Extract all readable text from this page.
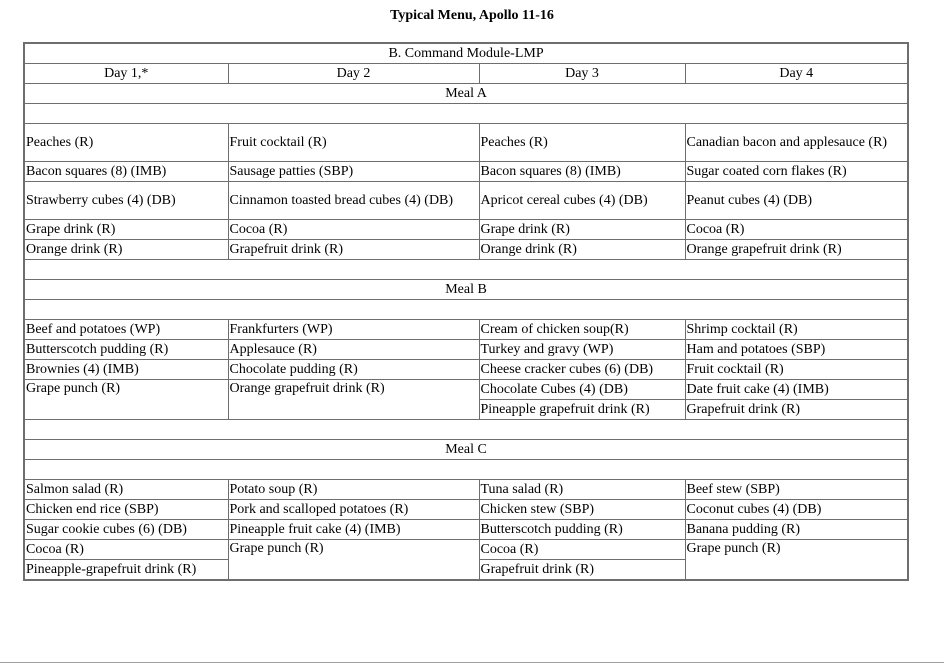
Typical Menu, Apollo 11-16
B. Command Module-LMP			
Day 1,*	Day 2	Day 3	Day 4
Meal A			

Peaches (R)	Fruit cocktail (R)	Peaches (R)	Canadian bacon and applesauce (R)
Bacon squares (8) (IMB)	Sausage patties (SBP)	Bacon squares (8) (IMB)	Sugar coated corn flakes (R)
Strawberry cubes (4) (DB)	Cinnamon toasted bread cubes (4) (DB)	Apricot cereal cubes (4) (DB)	Peanut cubes (4) (DB)
Grape drink (R)	Cocoa (R)	Grape drink (R)	Cocoa (R)
Orange drink (R)	Grapefruit drink (R)	Orange drink (R)	Orange grapefruit drink (R)

Meal B			

Beef and potatoes (WP)	Frankfurters (WP)	Cream of chicken soup(R)	Shrimp cocktail (R)
Butterscotch pudding (R)	Applesauce (R)	Turkey and gravy (WP)	Ham and potatoes (SBP)
Brownies (4) (IMB)	Chocolate pudding (R)	Cheese cracker cubes (6) (DB)	Fruit cocktail (R)
Grape punch (R)	Orange grapefruit drink (R)	Chocolate Cubes (4) (DB)	Date fruit cake (4) (IMB)
		Pineapple grapefruit drink (R)	Grapefruit drink (R)

Meal C			

Salmon salad (R)	Potato soup (R)	Tuna salad (R)	Beef stew (SBP)
Chicken end rice (SBP)	Pork and scalloped potatoes (R)	Chicken stew (SBP)	Coconut cubes (4) (DB)
Sugar cookie cubes (6) (DB)	Pineapple fruit cake (4) (IMB)	Butterscotch pudding (R)	Banana pudding (R)
Cocoa (R)	Grape punch (R)	Cocoa (R)	Grape punch (R)
Pineapple-grapefruit drink (R)		Grapefruit drink (R)	
